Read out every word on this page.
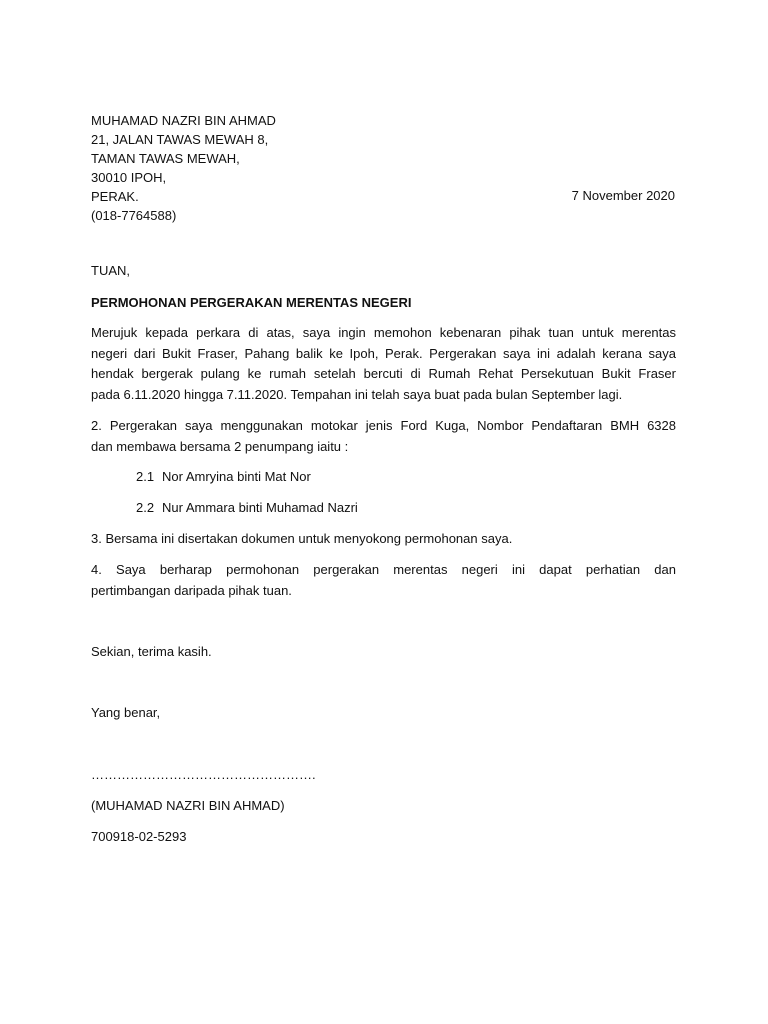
MUHAMAD NAZRI BIN AHMAD
21, JALAN TAWAS MEWAH 8,
TAMAN TAWAS MEWAH,
30010 IPOH,
PERAK.
(018-7764588)
7 November 2020
TUAN,
PERMOHONAN PERGERAKAN MERENTAS NEGERI
Merujuk kepada perkara di atas, saya ingin memohon kebenaran pihak tuan untuk merentas
negeri dari Bukit Fraser, Pahang balik ke Ipoh, Perak. Pergerakan saya ini adalah kerana saya
hendak bergerak pulang ke rumah setelah bercuti di Rumah Rehat Persekutuan Bukit Fraser
pada 6.11.2020 hingga 7.11.2020. Tempahan ini telah saya buat pada bulan September lagi.
2. Pergerakan saya menggunakan motokar jenis Ford Kuga, Nombor Pendaftaran BMH 6328
dan membawa bersama 2 penumpang iaitu :
2.1 Nor Amryina binti Mat Nor
2.2 Nur Ammara binti Muhamad Nazri
3. Bersama ini disertakan dokumen untuk menyokong permohonan saya.
4. Saya berharap permohonan pergerakan merentas negeri ini dapat perhatian dan
pertimbangan daripada pihak tuan.
Sekian, terima kasih.
Yang benar,
…………………………………………….
(MUHAMAD NAZRI BIN AHMAD)
700918-02-5293
